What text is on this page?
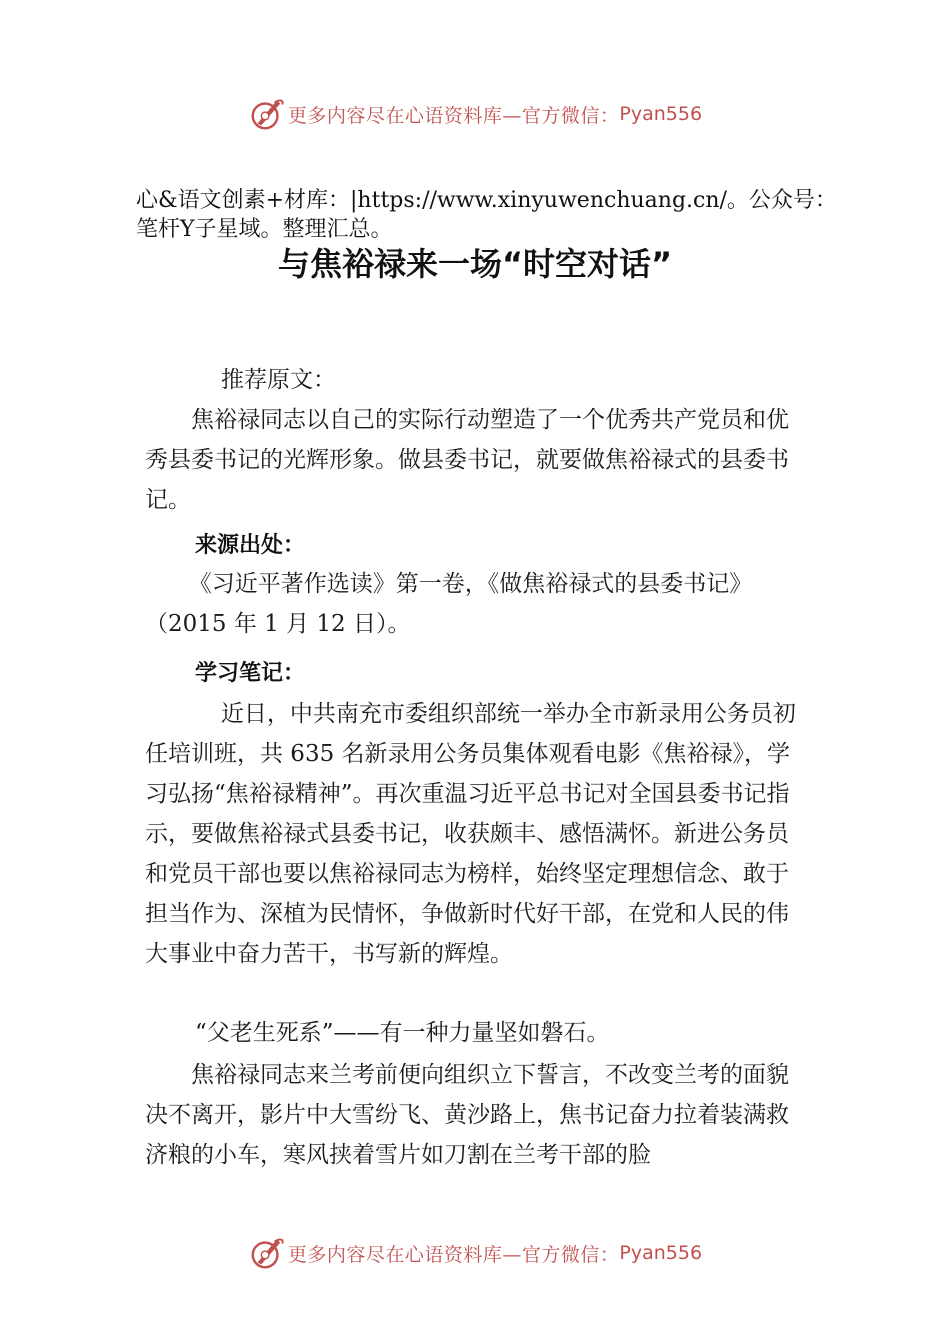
更多内容尽在心语资料库—官方微信： Pyan556
心&语文创素+材库：|https://www.xinyuwenchuang.cn/。公众号：笔杆Y子星域。整理汇总。
与焦裕禄来一场“时空对话”

推荐原文：

焦裕禄同志以自己的实际行动塑造了一个优秀共产党员和优秀县委书记的光辉形象。做县委书记，就要做焦裕禄式的县委书记。

来源出处：

《习近平著作选读》第一卷，《做焦裕禄式的县委书记》（2015 年 1 月 12 日）。

学习笔记：

近日，中共南充市委组织部统一举办全市新录用公务员初任培训班，共 635 名新录用公务员集体观看电影《焦裕禄》，学习弘扬“焦裕禄精神”。再次重温习近平总书记对全国县委书记指示，要做焦裕禄式县委书记，收获颇丰、感悟满怀。新进公务员和党员干部也要以焦裕禄同志为榜样，始终坚定理想信念、敢于担当作为、深植为民情怀，争做新时代好干部，在党和人民的伟大事业中奋力苦干，书写新的辉煌。

“父老生死系”——有一种力量坚如磐石。

焦裕禄同志来兰考前便向组织立下誓言，不改变兰考的面貌决不离开，影片中大雪纷飞、黄沙路上，焦书记奋力拉着装满救济粮的小车，寒风挟着雪片如刀割在兰考干部的脸

更多内容尽在心语资料库—官方微信： Pyan556
